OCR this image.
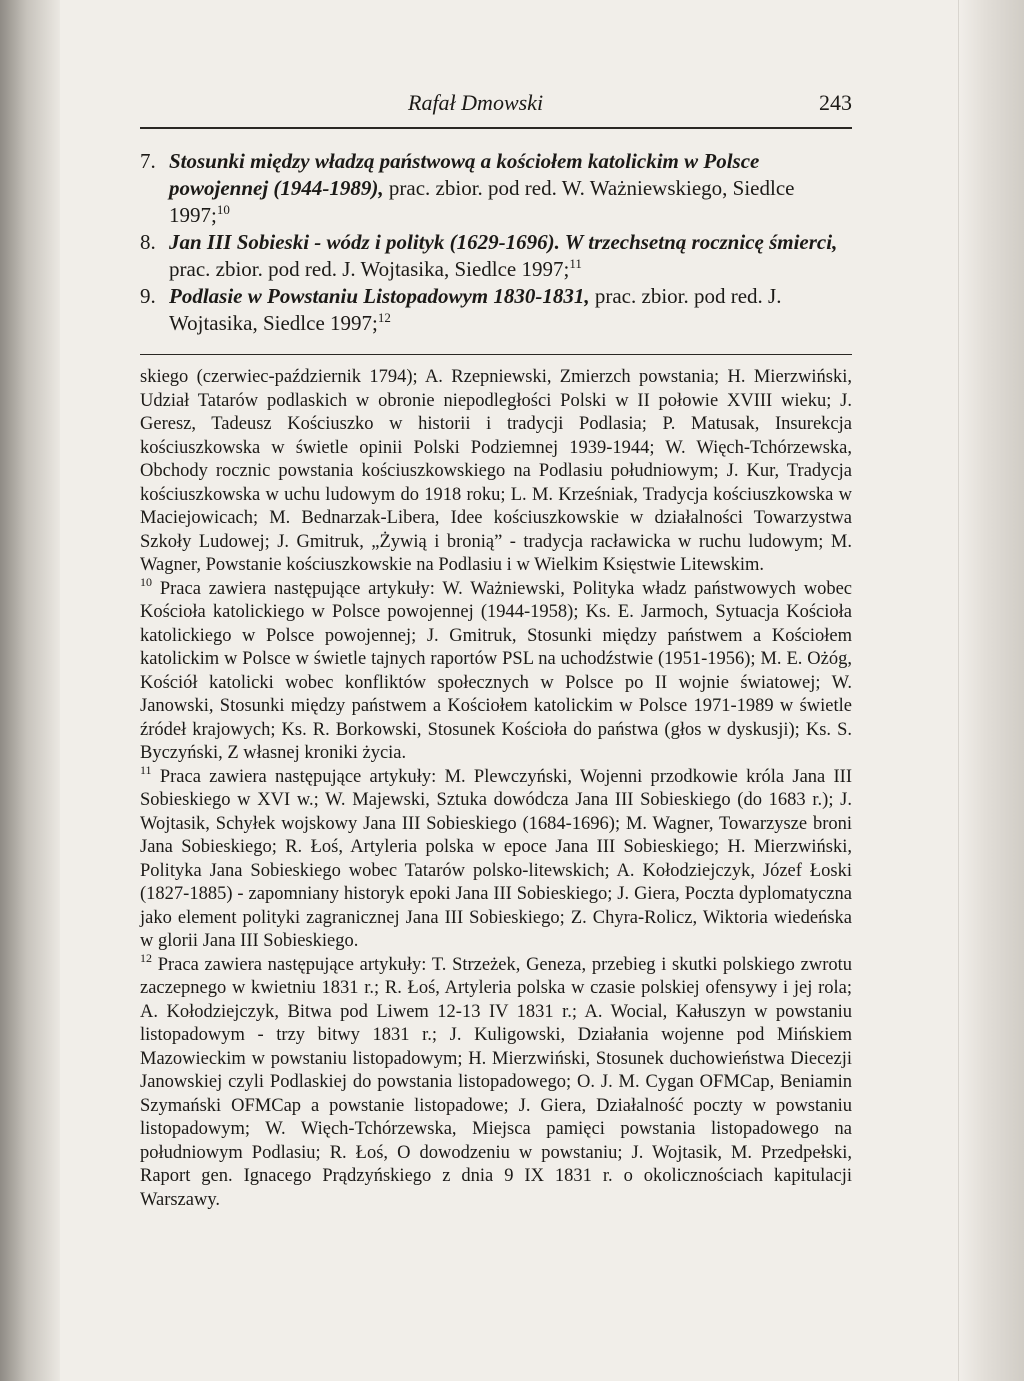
Rafał Dmowski	243
7. Stosunki między władzą państwową a kościołem katolickim w Polsce powojennej (1944-1989), prac. zbior. pod red. W. Ważniewskiego, Siedlce 1997;$^{10}$
8. Jan III Sobieski - wódz i polityk (1629-1696). W trzechsetną rocznicę śmierci, prac. zbior. pod red. J. Wojtasika, Siedlce 1997;$^{11}$
9. Podlasie w Powstaniu Listopadowym 1830-1831, prac. zbior. pod red. J. Wojtasika, Siedlce 1997;$^{12}$

skiego (czerwiec-październik 1794); A. Rzepniewski, Zmierzch powstania; H. Mierzwiński, Udział Tatarów podlaskich w obronie niepodległości Polski w II połowie XVIII wieku; J. Geresz, Tadeusz Kościuszko w historii i tradycji Podlasia; P. Matusak, Insurekcja kościuszkowska w świetle opinii Polski Podziemnej 1939-1944; W. Więch-Tchórzewska, Obchody rocznic powstania kościuszkowskiego na Podlasiu południowym; J. Kur, Tradycja kościuszkowska w uchu ludowym do 1918 roku; L. M. Krześniak, Tradycja kościuszkowska w Maciejowicach; M. Bednarzak-Libera, Idee kościuszkowskie w działalności Towarzystwa Szkoły Ludowej; J. Gmitruk, „Żywią i bronią” - tradycja racławicka w ruchu ludowym; M. Wagner, Powstanie kościuszkowskie na Podlasiu i w Wielkim Księstwie Litewskim.

$^{10}$ Praca zawiera następujące artykuły: W. Ważniewski, Polityka władz państwowych wobec Kościoła katolickiego w Polsce powojennej (1944-1958); Ks. E. Jarmoch, Sytuacja Kościoła katolickiego w Polsce powojennej; J. Gmitruk, Stosunki między państwem a Kościołem katolickim w Polsce w świetle tajnych raportów PSL na uchodźstwie (1951-1956); M. E. Ożóg, Kościół katolicki wobec konfliktów społecznych w Polsce po II wojnie światowej; W. Janowski, Stosunki między państwem a Kościołem katolickim w Polsce 1971-1989 w świetle źródeł krajowych; Ks. R. Borkowski, Stosunek Kościoła do państwa (głos w dyskusji); Ks. S. Byczyński, Z własnej kroniki życia.

$^{11}$ Praca zawiera następujące artykuły: M. Plewczyński, Wojenni przodkowie króla Jana III Sobieskiego w XVI w.; W. Majewski, Sztuka dowódcza Jana III Sobieskiego (do 1683 r.); J. Wojtasik, Schyłek wojskowy Jana III Sobieskiego (1684-1696); M. Wagner, Towarzysze broni Jana Sobieskiego; R. Łoś, Artyleria polska w epoce Jana III Sobieskiego; H. Mierzwiński, Polityka Jana Sobieskiego wobec Tatarów polsko-litewskich; A. Kołodziejczyk, Józef Łoski (1827-1885) - zapomniany historyk epoki Jana III Sobieskiego; J. Giera, Poczta dyplomatyczna jako element polityki zagranicznej Jana III Sobieskiego; Z. Chyra-Rolicz, Wiktoria wiedeńska w glorii Jana III Sobieskiego.

$^{12}$ Praca zawiera następujące artykuły: T. Strzeżek, Geneza, przebieg i skutki polskiego zwrotu zaczepnego w kwietniu 1831 r.; R. Łoś, Artyleria polska w czasie polskiej ofensywy i jej rola; A. Kołodziejczyk, Bitwa pod Liwem 12-13 IV 1831 r.; A. Wocial, Kałuszyn w powstaniu listopadowym - trzy bitwy 1831 r.; J. Kuligowski, Działania wojenne pod Mińskiem Mazowieckim w powstaniu listopadowym; H. Mierzwiński, Stosunek duchowieństwa Diecezji Janowskiej czyli Podlaskiej do powstania listopadowego; O. J. M. Cygan OFMCap, Beniamin Szymański OFMCap a powstanie listopadowe; J. Giera, Działalność poczty w powstaniu listopadowym; W. Więch-Tchórzewska, Miejsca pamięci powstania listopadowego na południowym Podlasiu; R. Łoś, O dowodzeniu w powstaniu; J. Wojtasik, M. Przedpełski, Raport gen. Ignacego Prądzyńskiego z dnia 9 IX 1831 r. o okolicznościach kapitulacji Warszawy.
